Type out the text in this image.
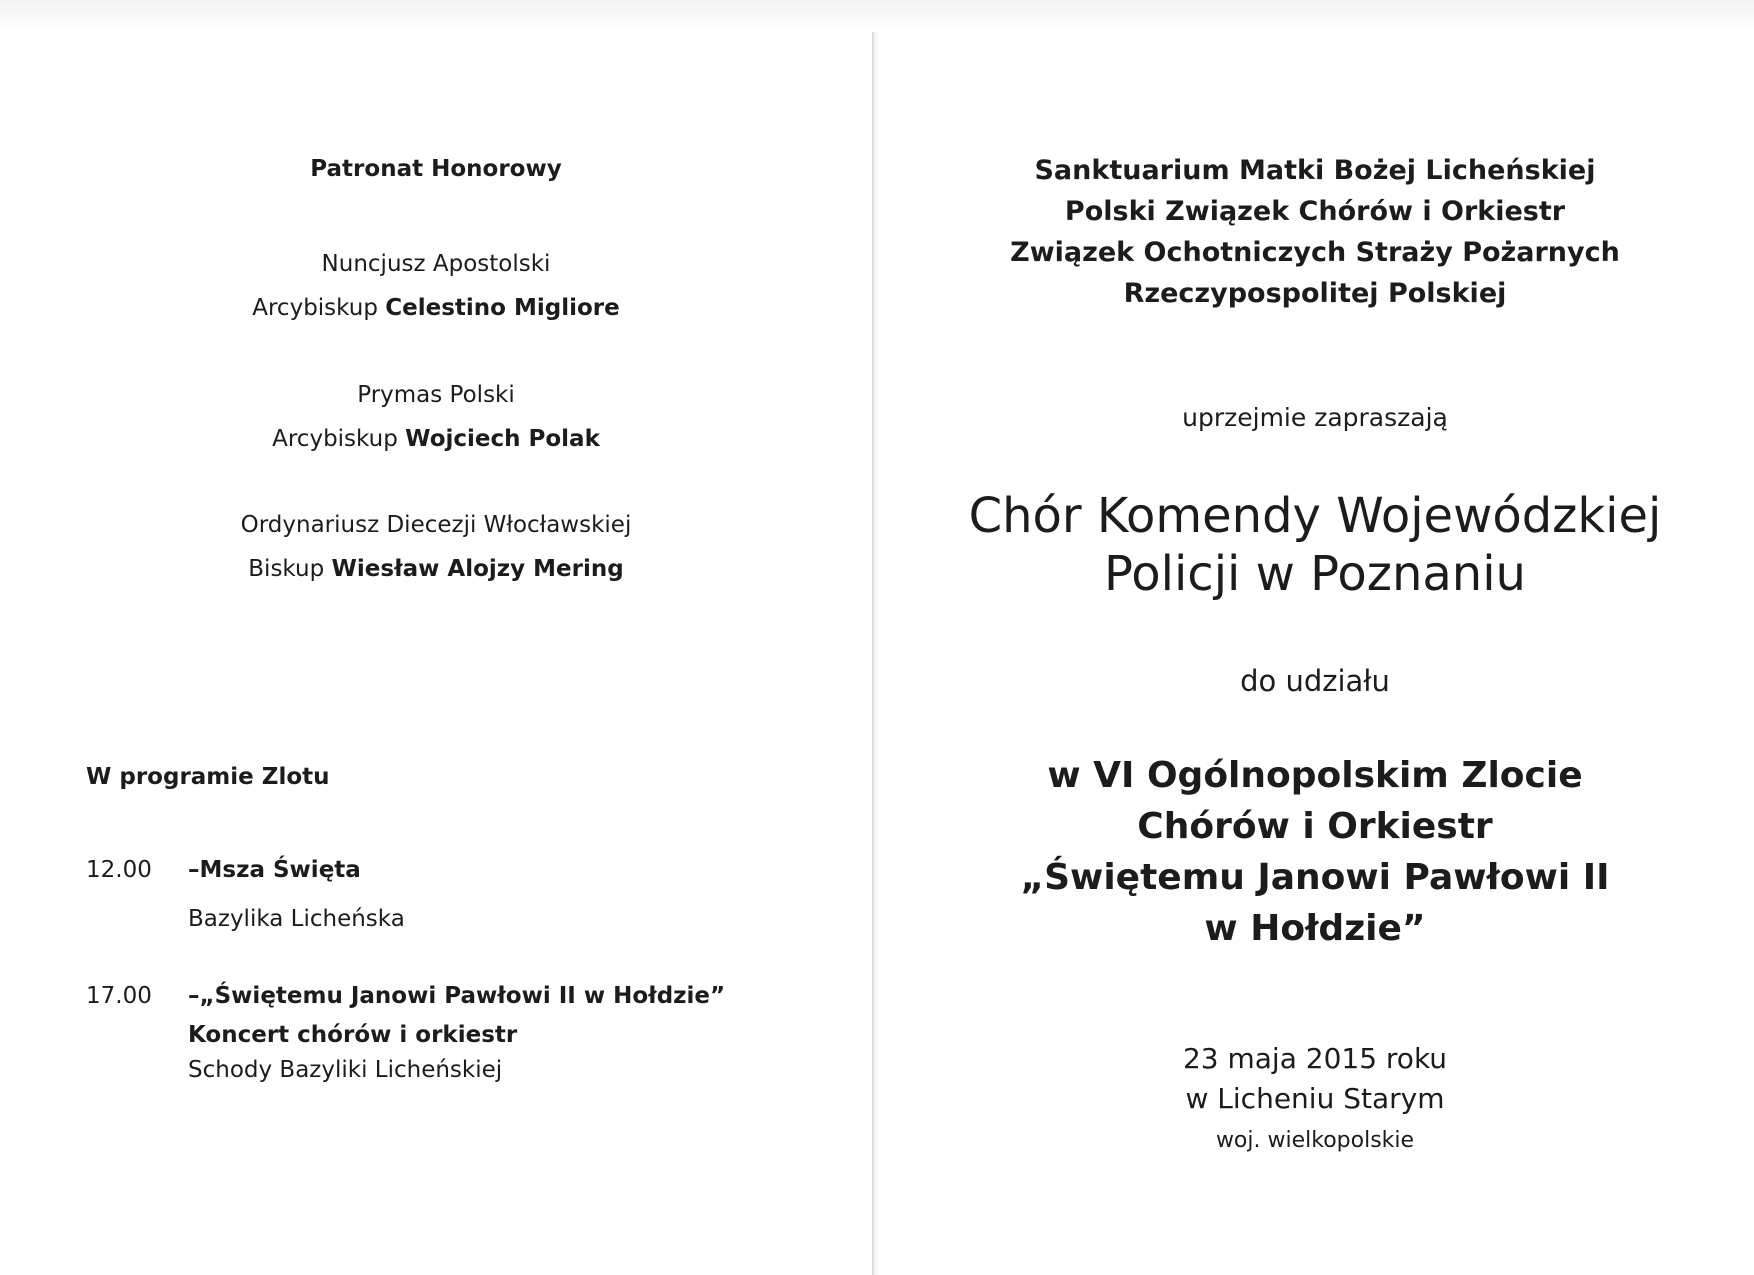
Patronat Honorowy
Nuncjusz Apostolski
Arcybiskup Celestino Migliore
Prymas Polski
Arcybiskup Wojciech Polak
Ordynariusz Diecezji Włocławskiej
Biskup Wiesław Alojzy Mering
W programie Zlotu
12.00 –Msza Święta
Bazylika Licheńska
17.00 –„Świętemu Janowi Pawłowi II w Hołdzie”
Koncert chórów i orkiestr
Schody Bazyliki Licheńskiej
Sanktuarium Matki Bożej Licheńskiej
Polski Związek Chórów i Orkiestr
Związek Ochotniczych Straży Pożarnych
Rzeczypospolitej Polskiej
uprzejmie zapraszają
Chór Komendy Wojewódzkiej
Policji w Poznaniu
do udziału
w VI Ogólnopolskim Zlocie
Chórów i Orkiestr
„Świętemu Janowi Pawłowi II
w Hołdzie”
23 maja 2015 roku
w Licheniu Starym
woj. wielkopolskie
